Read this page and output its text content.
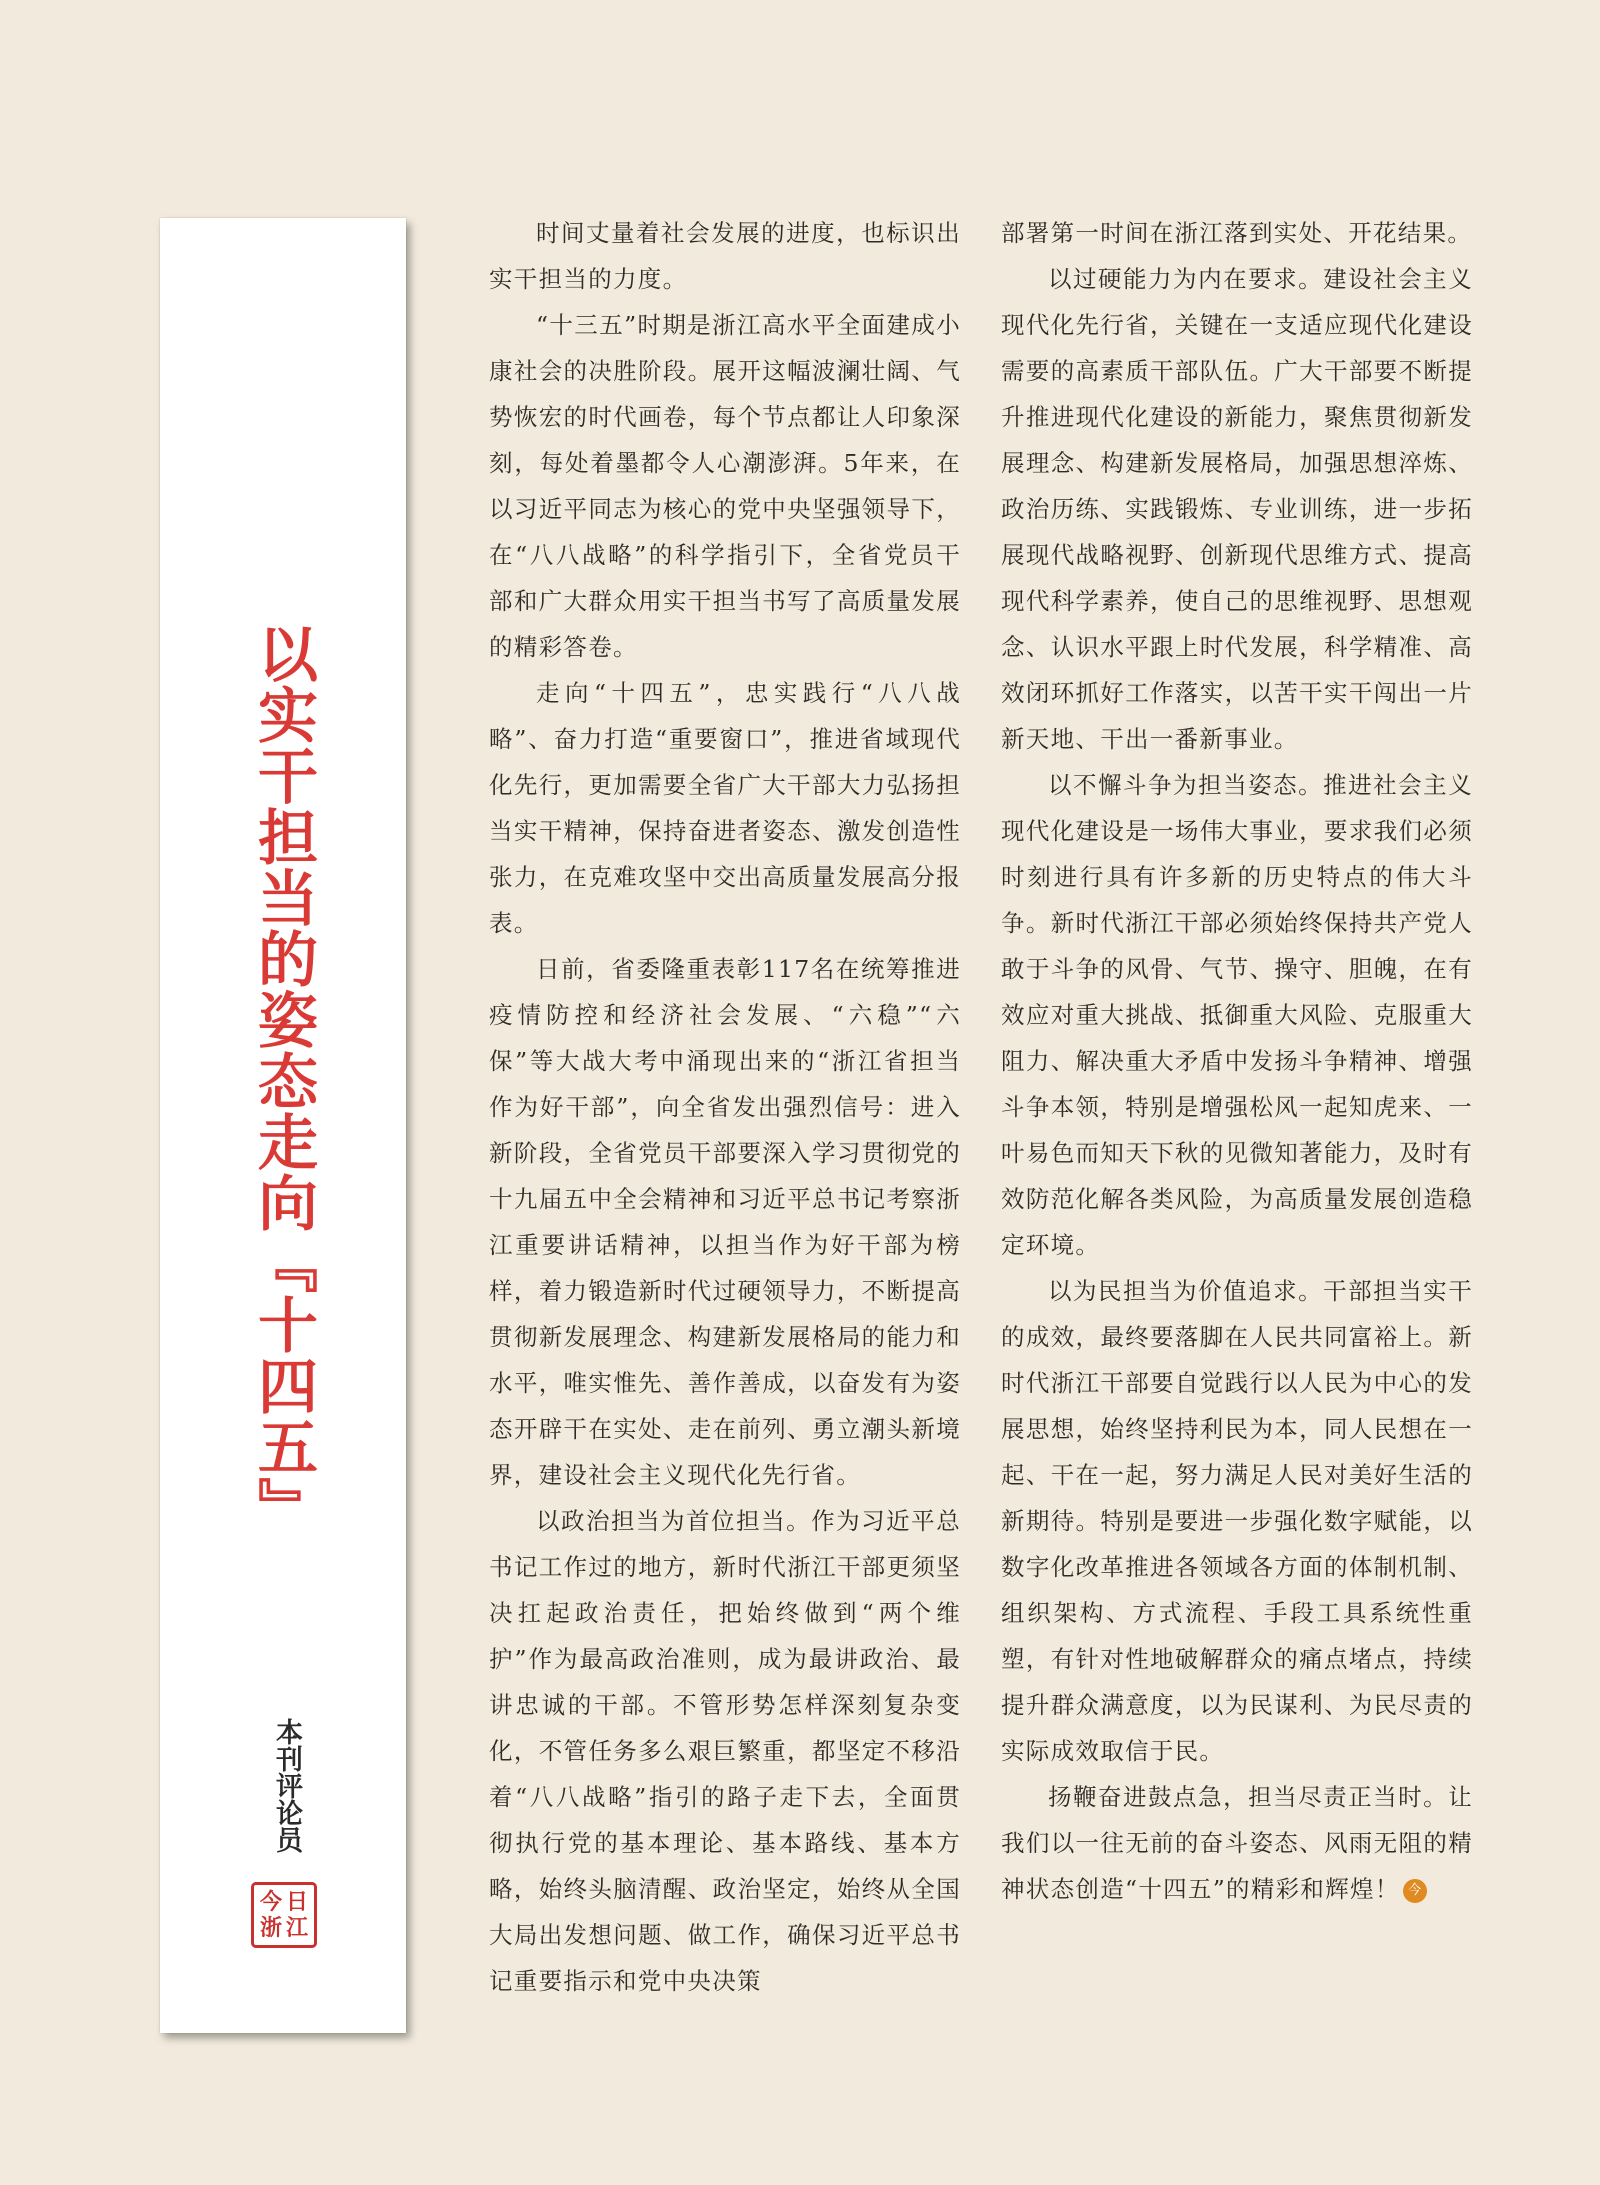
以实干担当的姿态走向『十四五』
本刊评论员
今 日
浙 江

时间丈量着社会发展的进度，也标识出实干担当的力度。

“十三五”时期是浙江高水平全面建成小康社会的决胜阶段。展开这幅波澜壮阔、气势恢宏的时代画卷，每个节点都让人印象深刻，每处着墨都令人心潮澎湃。5年来，在以习近平同志为核心的党中央坚强领导下，在“八八战略”的科学指引下，全省党员干部和广大群众用实干担当书写了高质量发展的精彩答卷。

走向“十四五”，忠实践行“八八战略”、奋力打造“重要窗口”，推进省域现代化先行，更加需要全省广大干部大力弘扬担当实干精神，保持奋进者姿态、激发创造性张力，在克难攻坚中交出高质量发展高分报表。

日前，省委隆重表彰117名在统筹推进疫情防控和经济社会发展、“六稳”“六保”等大战大考中涌现出来的“浙江省担当作为好干部”，向全省发出强烈信号：进入新阶段，全省党员干部要深入学习贯彻党的十九届五中全会精神和习近平总书记考察浙江重要讲话精神，以担当作为好干部为榜样，着力锻造新时代过硬领导力，不断提高贯彻新发展理念、构建新发展格局的能力和水平，唯实惟先、善作善成，以奋发有为姿态开辟干在实处、走在前列、勇立潮头新境界，建设社会主义现代化先行省。

以政治担当为首位担当。作为习近平总书记工作过的地方，新时代浙江干部更须坚决扛起政治责任，把始终做到“两个维护”作为最高政治准则，成为最讲政治、最讲忠诚的干部。不管形势怎样深刻复杂变化，不管任务多么艰巨繁重，都坚定不移沿着“八八战略”指引的路子走下去，全面贯彻执行党的基本理论、基本路线、基本方略，始终头脑清醒、政治坚定，始终从全国大局出发想问题、做工作，确保习近平总书记重要指示和党中央决策

部署第一时间在浙江落到实处、开花结果。

以过硬能力为内在要求。建设社会主义现代化先行省，关键在一支适应现代化建设需要的高素质干部队伍。广大干部要不断提升推进现代化建设的新能力，聚焦贯彻新发展理念、构建新发展格局，加强思想淬炼、政治历练、实践锻炼、专业训练，进一步拓展现代战略视野、创新现代思维方式、提高现代科学素养，使自己的思维视野、思想观念、认识水平跟上时代发展，科学精准、高效闭环抓好工作落实，以苦干实干闯出一片新天地、干出一番新事业。

以不懈斗争为担当姿态。推进社会主义现代化建设是一场伟大事业，要求我们必须时刻进行具有许多新的历史特点的伟大斗争。新时代浙江干部必须始终保持共产党人敢于斗争的风骨、气节、操守、胆魄，在有效应对重大挑战、抵御重大风险、克服重大阻力、解决重大矛盾中发扬斗争精神、增强斗争本领，特别是增强松风一起知虎来、一叶易色而知天下秋的见微知著能力，及时有效防范化解各类风险，为高质量发展创造稳定环境。

以为民担当为价值追求。干部担当实干的成效，最终要落脚在人民共同富裕上。新时代浙江干部要自觉践行以人民为中心的发展思想，始终坚持利民为本，同人民想在一起、干在一起，努力满足人民对美好生活的新期待。特别是要进一步强化数字赋能，以数字化改革推进各领域各方面的体制机制、组织架构、方式流程、手段工具系统性重塑，有针对性地破解群众的痛点堵点，持续提升群众满意度，以为民谋利、为民尽责的实际成效取信于民。

扬鞭奋进鼓点急，担当尽责正当时。让我们以一往无前的奋斗姿态、风雨无阻的精神状态创造“十四五”的精彩和辉煌！ 今
